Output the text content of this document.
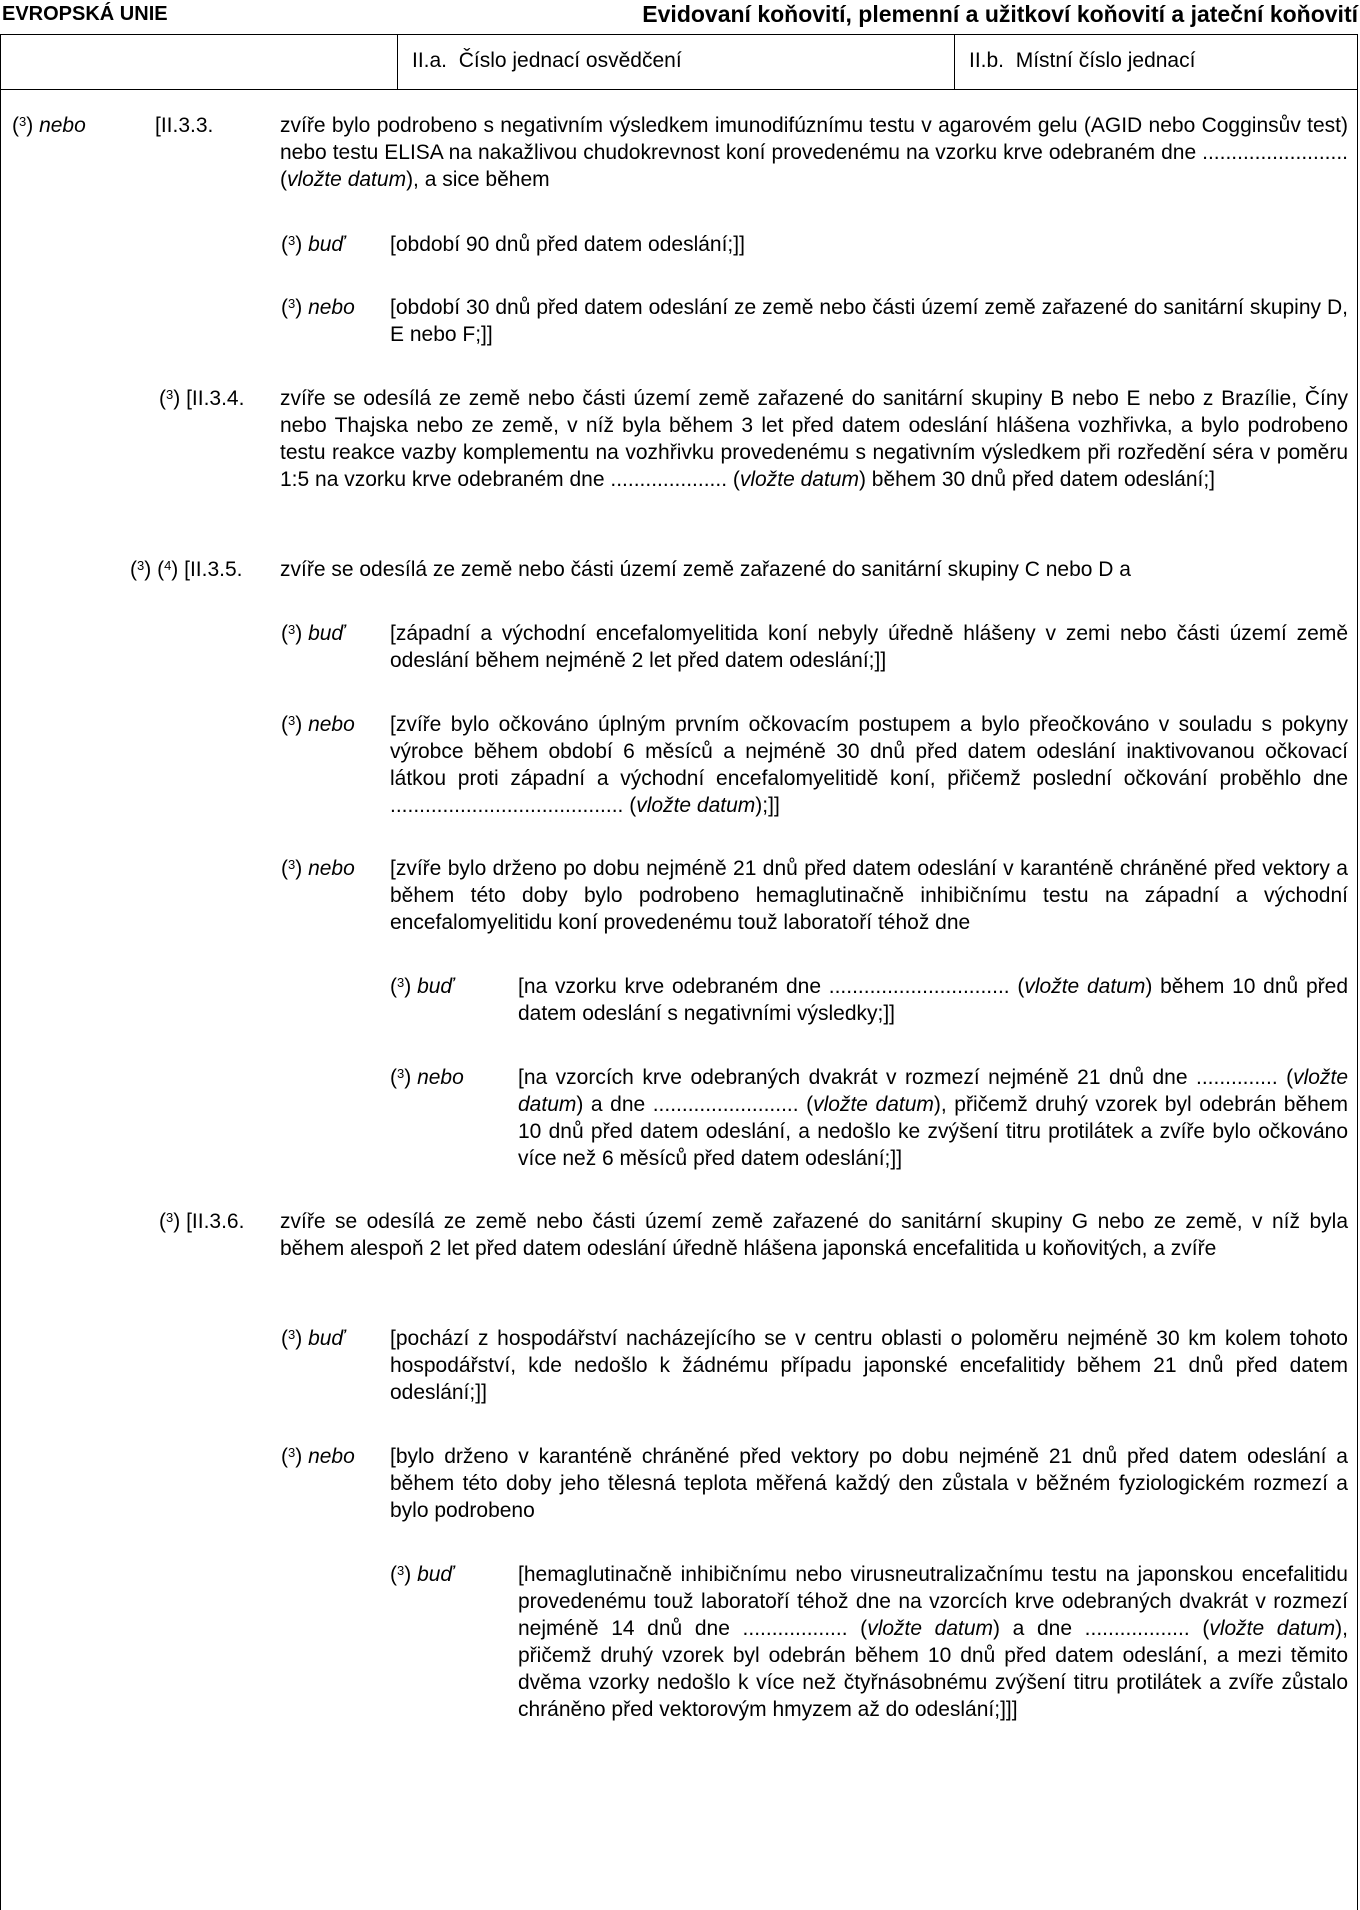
EVROPSKÁ UNIE	Evidovaní koňovití, plemenní a užitkoví koňovití a jateční koňovití
II.a. Číslo jednací osvědčení	II.b. Místní číslo jednací
($^3$) nebo	[II.3.3.	zvíře bylo podrobeno s negativním výsledkem imunodifúznímu testu v agarovém gelu (AGID nebo Cogginsův test) nebo testu ELISA na nakažlivou chudokrevnost koní provedenému na vzorku krve odebraném dne ......................... (vložte datum), a sice během
($^3$) buď [období 90 dnů před datem odeslání;]]
($^3$) nebo [období 30 dnů před datem odeslání ze země nebo části území země zařazené do sanitární skupiny D, E nebo F;]]
($^3$) [II.3.4. zvíře se odesílá ze země nebo části území země zařazené do sanitární skupiny B nebo E nebo z Brazílie, Číny nebo Thajska nebo ze země, v níž byla během 3 let před datem odeslání hlášena vozhřivka, a bylo podrobeno testu reakce vazby komplementu na vozhřivku provedenému s negativním výsledkem při rozředění séra v poměru 1:5 na vzorku krve odebraném dne .................... (vložte datum) během 30 dnů před datem odeslání;]
($^3$) ($^4$) [II.3.5. zvíře se odesílá ze země nebo části území země zařazené do sanitární skupiny C nebo D a
($^3$) buď [západní a východní encefalomyelitida koní nebyly úředně hlášeny v zemi nebo části území země odeslání během nejméně 2 let před datem odeslání;]]
($^3$) nebo [zvíře bylo očkováno úplným prvním očkovacím postupem a bylo přeočkováno v souladu s pokyny výrobce během období 6 měsíců a nejméně 30 dnů před datem odeslání inaktivovanou očkovací látkou proti západní a východní encefalomyelitidě koní, přičemž poslední očkování proběhlo dne ........................................ (vložte datum);]]
($^3$) nebo [zvíře bylo drženo po dobu nejméně 21 dnů před datem odeslání v karanténě chráněné před vektory a během této doby bylo podrobeno hemaglutinačně inhibičnímu testu na západní a východní encefalomyelitidu koní provedenému touž laboratoří téhož dne
($^3$) buď	[na vzorku krve odebraném dne ............................... (vložte datum) během 10 dnů před datem odeslání s negativními výsledky;]]
($^3$) nebo	[na vzorcích krve odebraných dvakrát v rozmezí nejméně 21 dnů dne .............. (vložte datum) a dne ......................... (vložte datum), přičemž druhý vzorek byl odebrán během 10 dnů před datem odeslání, a nedošlo ke zvýšení titru protilátek a zvíře bylo očkováno více než 6 měsíců před datem odeslání;]]
($^3$) [II.3.6. zvíře se odesílá ze země nebo části území země zařazené do sanitární skupiny G nebo ze země, v níž byla během alespoň 2 let před datem odeslání úředně hlášena japonská encefalitida u koňovitých, a zvíře
($^3$) buď [pochází z hospodářství nacházejícího se v centru oblasti o poloměru nejméně 30 km kolem tohoto hospodářství, kde nedošlo k žádnému případu japonské encefalitidy během 21 dnů před datem odeslání;]]
($^3$) nebo [bylo drženo v karanténě chráněné před vektory po dobu nejméně 21 dnů před datem odeslání a během této doby jeho tělesná teplota měřená každý den zůstala v běžném fyziologickém rozmezí a bylo podrobeno
($^3$) buď	[hemaglutinačně inhibičnímu nebo virusneutralizačnímu testu na japonskou encefalitidu provedenému touž laboratoří téhož dne na vzorcích krve odebraných dvakrát v rozmezí nejméně 14 dnů dne .................. (vložte datum) a dne .................. (vložte datum), přičemž druhý vzorek byl odebrán během 10 dnů před datem odeslání, a mezi těmito dvěma vzorky nedošlo k více než čtyřnásobnému zvýšení titru protilátek a zvíře zůstalo chráněno před vektorovým hmyzem až do odeslání;]]]
